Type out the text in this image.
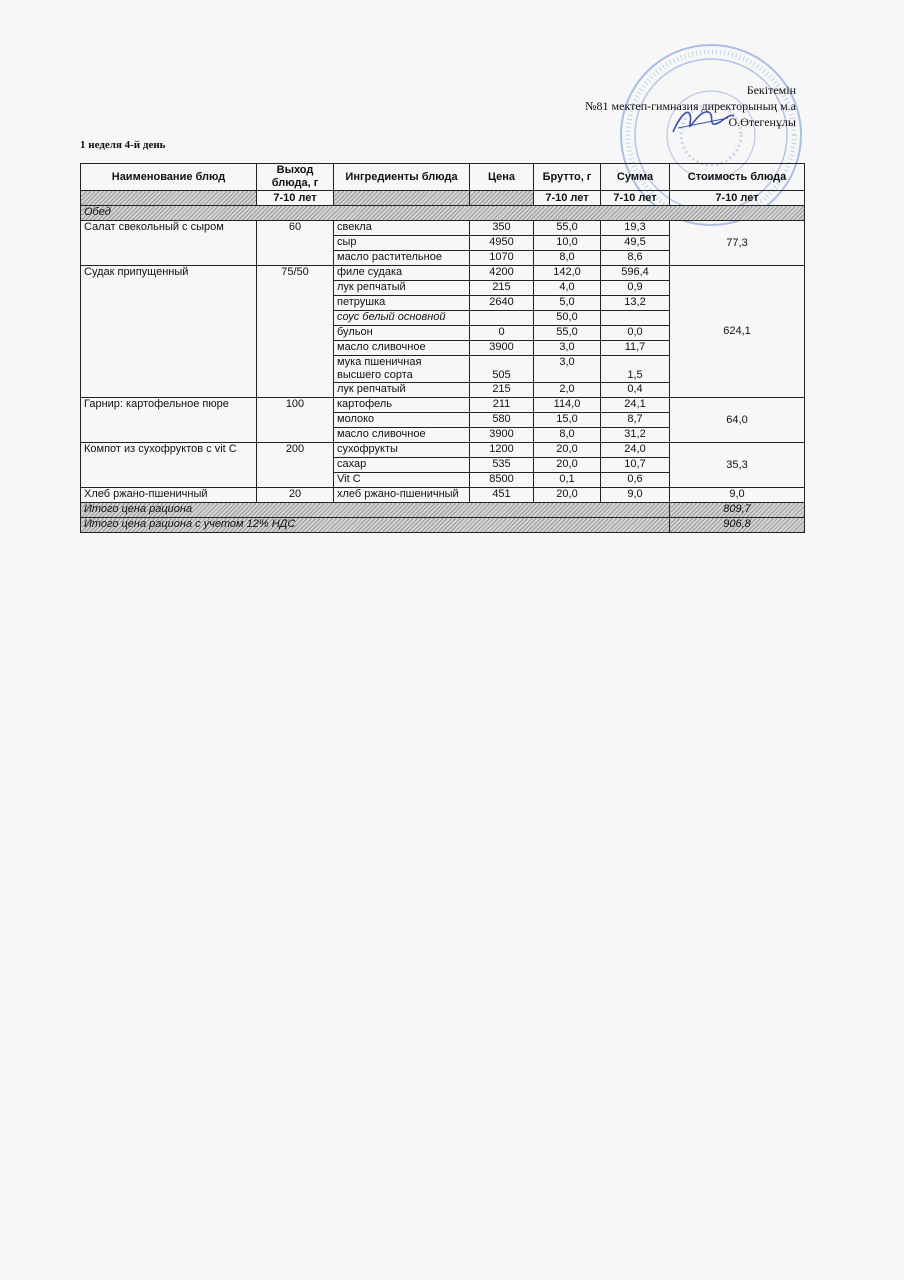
Бекітемін
№81 мектеп-гимназия директорының м.а
О.Өтегенұлы
1 неделя 4-й день
Наименование блюд	Выход блюда, г	Ингредиенты блюда	Цена	Брутто, г	Сумма	Стоимость блюда
	7-10 лет			7-10 лет	7-10 лет	7-10 лет
Обед						
Салат свекольный с сыром	60	свекла	350	55,0	19,3	77,3
		сыр	4950	10,0	49,5	
		масло растительное	1070	8,0	8,6	
Судак припущенный	75/50	филе судака	4200	142,0	596,4	624,1
		лук репчатый	215	4,0	0,9	
		петрушка	2640	5,0	13,2	
		соус белый основной		50,0		
		бульон	0	55,0	0,0	
		масло сливочное	3900	3,0	11,7	
		мука пшеничная высшего сорта	505	3,0	1,5	
		лук репчатый	215	2,0	0,4	
Гарнир: картофельное пюре	100	картофель	211	114,0	24,1	64,0
		молоко	580	15,0	8,7	
		масло сливочное	3900	8,0	31,2	
Компот из сухофруктов с vit C	200	сухофрукты	1200	20,0	24,0	35,3
		сахар	535	20,0	10,7	
		Vit C	8500	0,1	0,6	
Хлеб ржано-пшеничный	20	хлеб ржано-пшеничный	451	20,0	9,0	9,0
Итого цена рациона						809,7
Итого цена рациона с учетом 12% НДС						906,8
